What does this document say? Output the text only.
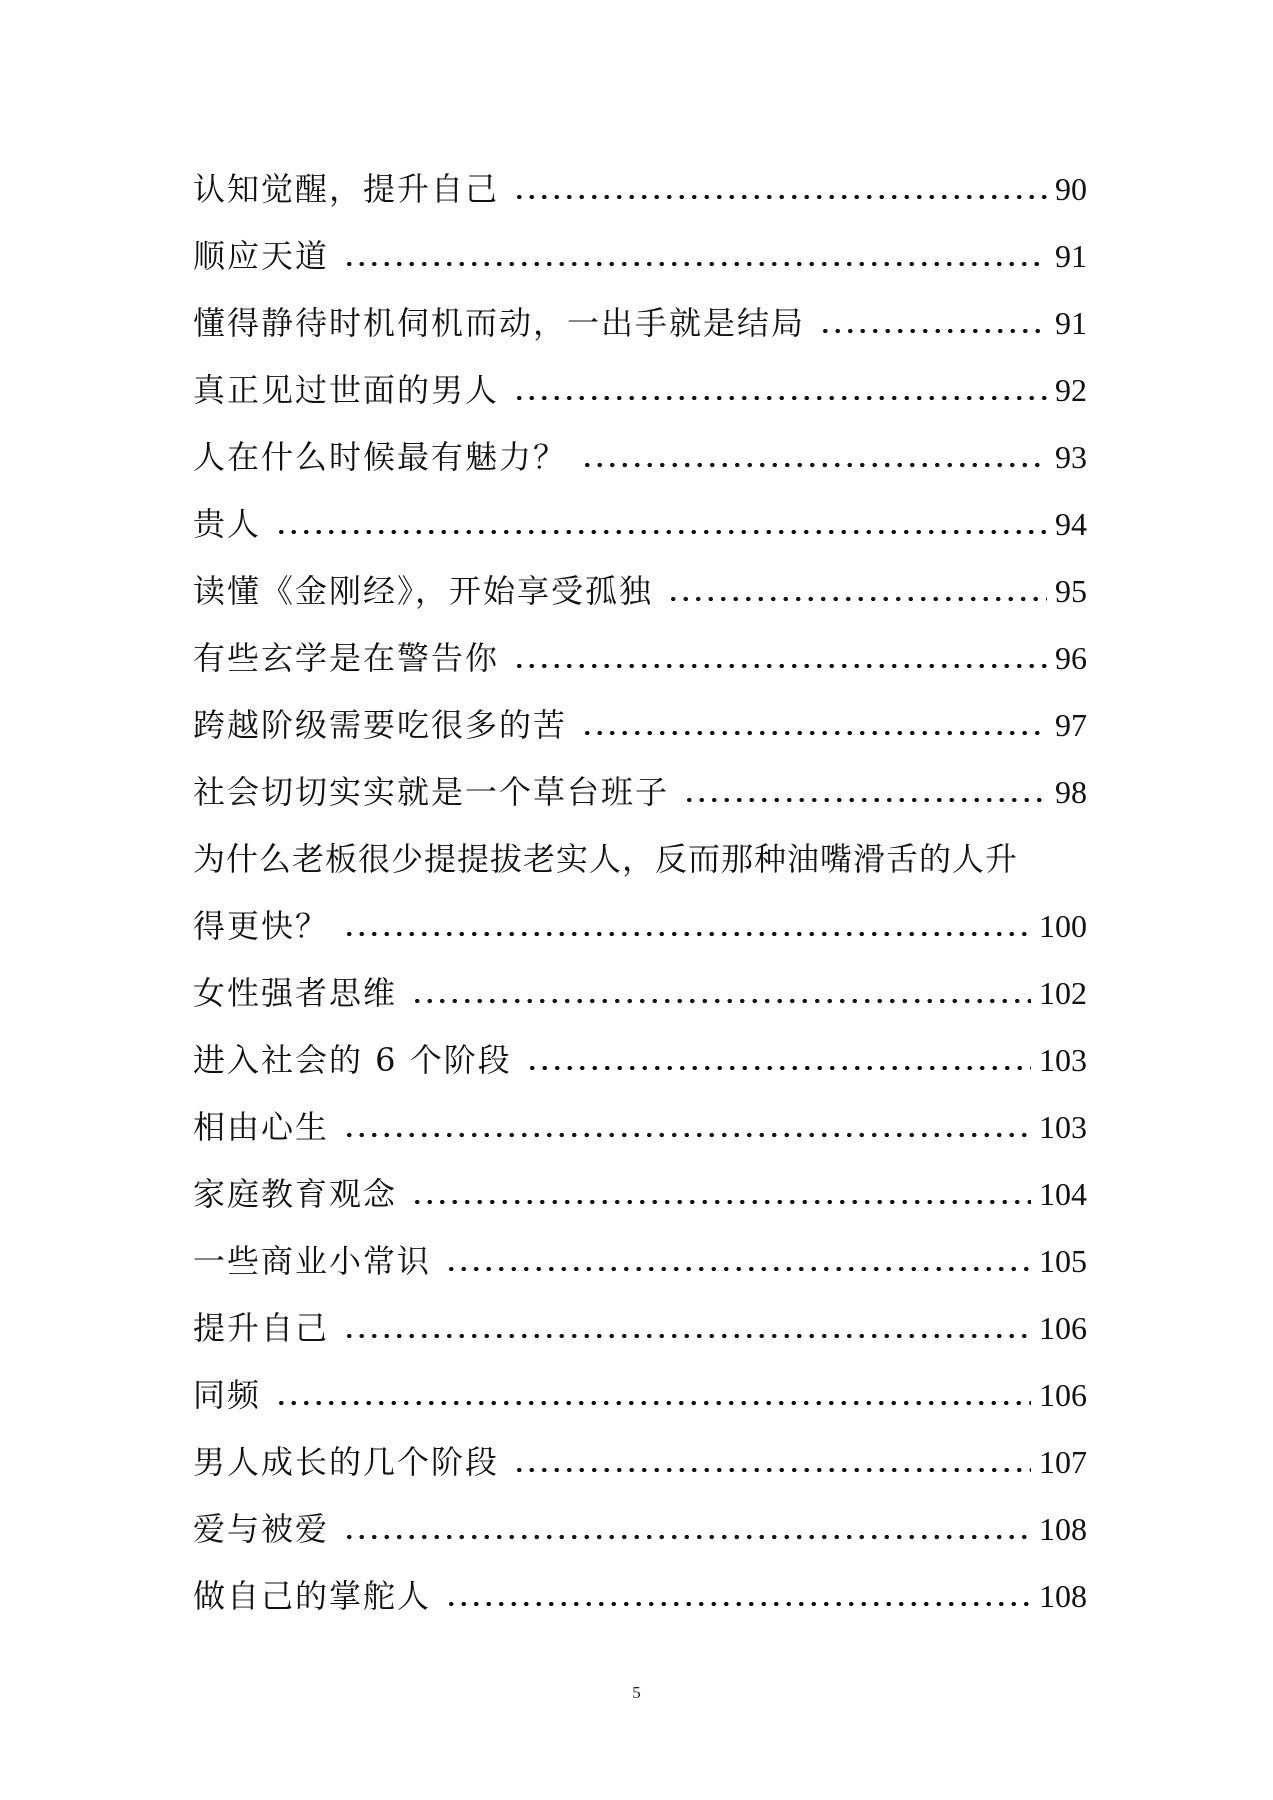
认知觉醒，提升自己	90
顺应天道	91
懂得静待时机伺机而动，一出手就是结局	91
真正见过世面的男人	92
人在什么时候最有魅力？	93
贵人	94
读懂《金刚经》，开始享受孤独	95
有些玄学是在警告你	96
跨越阶级需要吃很多的苦	97
社会切切实实就是一个草台班子	98
为什么老板很少提提拔老实人，反而那种油嘴滑舌的人升
得更快？	100
女性强者思维	102
进入社会的 6 个阶段	103
相由心生	103
家庭教育观念	104
一些商业小常识	105
提升自己	106
同频	106
男人成长的几个阶段	107
爱与被爱	108
做自己的掌舵人	108
5
